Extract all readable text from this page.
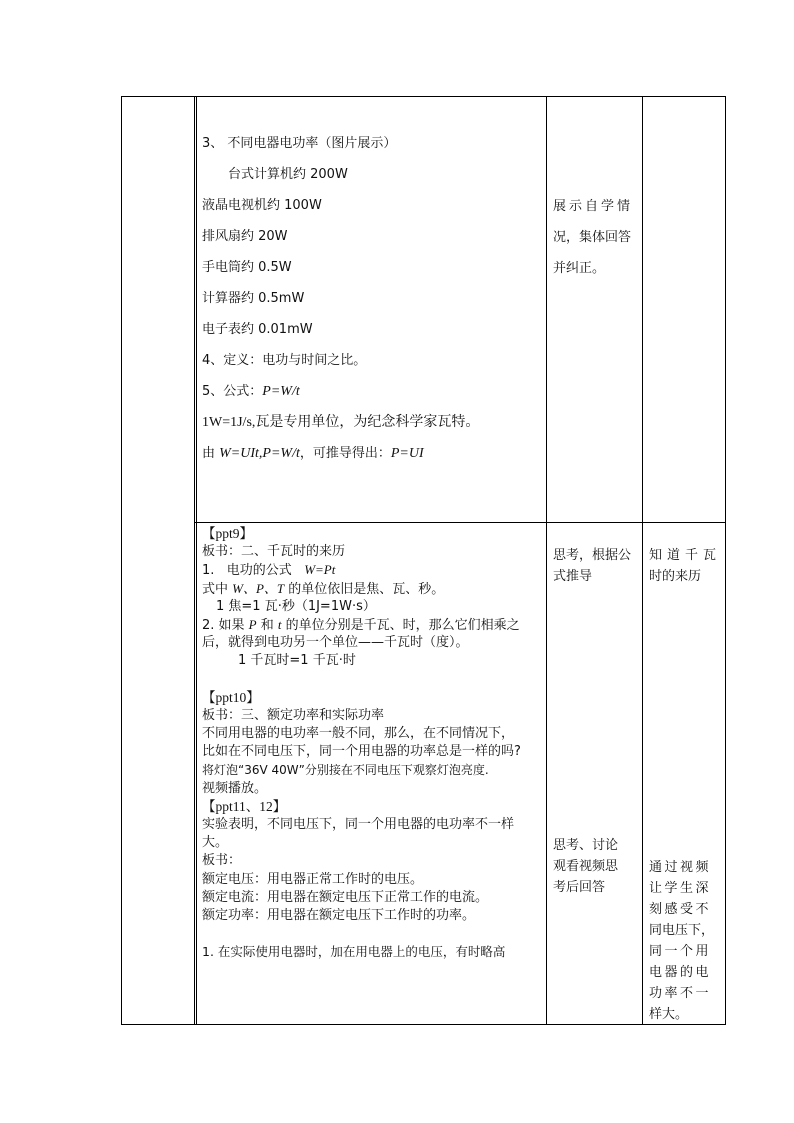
3、 不同电器电功率（图片展示）
台式计算机约 200W
液晶电视机约 100W
排风扇约 20W
手电筒约 0.5W
计算器约 0.5mW
电子表约 0.01mW
4、定义：电功与时间之比。
5、公式：P=W/t
1W=1J/s,瓦是专用单位，为纪念科学家瓦特。
由 W=UIt,P=W/t，可推导得出：P=UI
展示自学情
况，集体回答
并纠正。
【ppt9】
板书：二、千瓦时的来历
1.   电功的公式   W=Pt
式中 W、P、T 的单位依旧是焦、瓦、秒。
1 焦=1 瓦·秒（1J=1W·s）
2. 如果 P 和 t 的单位分别是千瓦、时，那么它们相乘之
后，就得到电功另一个单位——千瓦时（度）。
1 千瓦时=1 千瓦·时
【ppt10】
板书：三、额定功率和实际功率
不同用电器的电功率一般不同，那么，在不同情况下，
比如在不同电压下，同一个用电器的功率总是一样的吗?
将灯泡“36V 40W”分别接在不同电压下观察灯泡亮度.
视频播放。
【ppt11、12】
实验表明，不同电压下，同一个用电器的电功率不一样
大。
板书：
额定电压：用电器正常工作时的电压。
额定电流：用电器在额定电压下正常工作的电流。
额定功率：用电器在额定电压下工作时的功率。
1. 在实际使用电器时，加在用电器上的电压，有时略高
思考，根据公
式推导
思考、讨论
观看视频思
考后回答
知道千瓦
时的来历
通过视频
让学生深
刻感受不
同电压下，
同一个用
电器的电
功率不一
样大。
